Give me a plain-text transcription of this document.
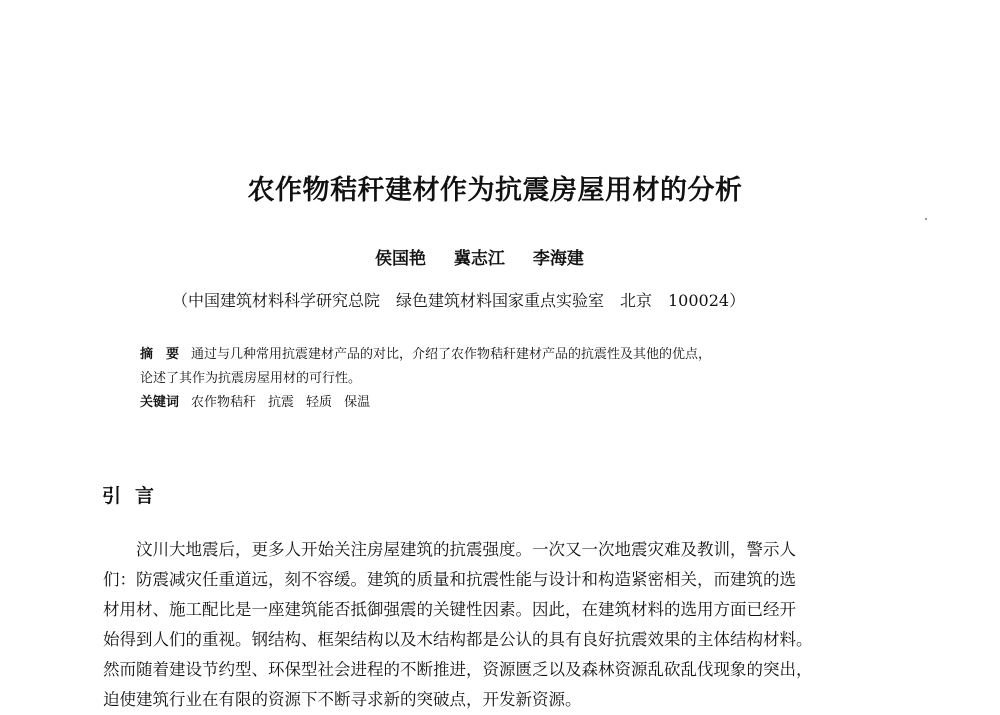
农作物秸秆建材作为抗震房屋用材的分析
侯国艳 冀志江 李海建
（中国建筑材料科学研究总院　绿色建筑材料国家重点实验室　北京　100024）
摘　要 通过与几种常用抗震建材产品的对比，介绍了农作物秸秆建材产品的抗震性及其他的优点，
论述了其作为抗震房屋用材的可行性。
关键词 农作物秸秆 抗震 轻质 保温
引言
　　汶川大地震后，更多人开始关注房屋建筑的抗震强度。一次又一次地震灾难及教训，警示人
们：防震减灾任重道远，刻不容缓。建筑的质量和抗震性能与设计和构造紧密相关，而建筑的选
材用材、施工配比是一座建筑能否抵御强震的关键性因素。因此，在建筑材料的选用方面已经开
始得到人们的重视。钢结构、框架结构以及木结构都是公认的具有良好抗震效果的主体结构材料。
然而随着建设节约型、环保型社会进程的不断推进，资源匮乏以及森林资源乱砍乱伐现象的突出，
迫使建筑行业在有限的资源下不断寻求新的突破点，开发新资源。
